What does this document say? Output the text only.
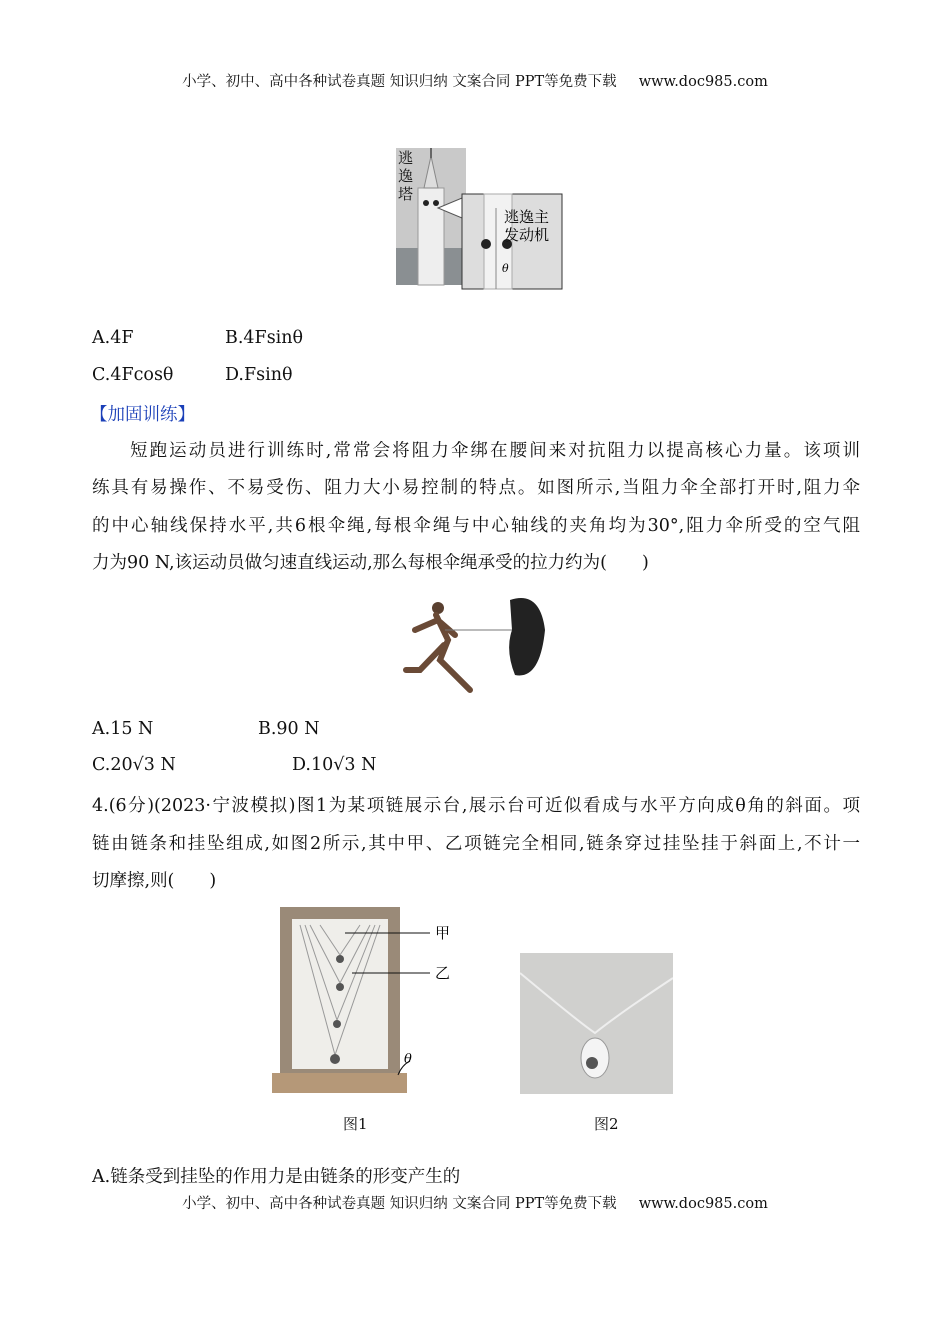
小学、初中、高中各种试卷真题 知识归纳 文案合同 PPT等免费下载 www.doc985.com
逃逸主
发动机
θ
逃逸塔
A.4F	B.4Fsinθ
C.4Fcosθ	D.Fsinθ
【加固训练】
短跑运动员进行训练时,常常会将阻力伞绑在腰间来对抗阻力以提高核心力量。该项训
练具有易操作、不易受伤、阻力大小易控制的特点。如图所示,当阻力伞全部打开时,阻力伞
的中心轴线保持水平,共6根伞绳,每根伞绳与中心轴线的夹角均为30°,阻力伞所受的空气阻
力为90 N,该运动员做匀速直线运动,那么每根伞绳承受的拉力约为(　　)
A.15 N	B.90 N
C.20√3 N	D.10√3 N
4.(6分)(2023·宁波模拟)图1为某项链展示台,展示台可近似看成与水平方向成θ角的斜面。项
链由链条和挂坠组成,如图2所示,其中甲、乙项链完全相同,链条穿过挂坠挂于斜面上,不计一
切摩擦,则(　　)
甲
乙
θ
图1	图2
A.链条受到挂坠的作用力是由链条的形变产生的
小学、初中、高中各种试卷真题 知识归纳 文案合同 PPT等免费下载 www.doc985.com
